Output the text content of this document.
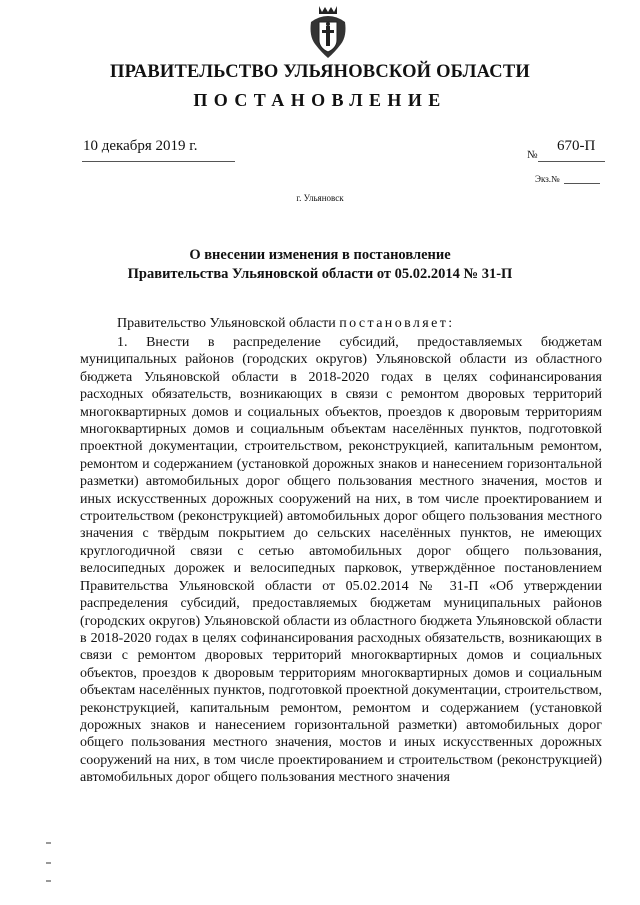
ПРАВИТЕЛЬСТВО УЛЬЯНОВСКОЙ ОБЛАСТИ
ПОСТАНОВЛЕНИЕ
10 декабря 2019 г.
№
670-П
Экз.№
г. Ульяновск
О внесении изменения в постановление
Правительства Ульяновской области от 05.02.2014 № 31-П
Правительство Ульяновской области постановляет:

1. Внести в распределение субсидий, предоставляемых бюджетам муниципальных районов (городских округов) Ульяновской области из областного бюджета Ульяновской области в 2018-2020 годах в целях софинансирования расходных обязательств, возникающих в связи с ремонтом дворовых территорий многоквартирных домов и социальных объектов, проездов к дворовым территориям многоквартирных домов и социальным объектам населённых пунктов, подготовкой проектной документации, строительством, реконструкцией, капитальным ремонтом, ремонтом и содержанием (установкой дорожных знаков и нанесением горизонтальной разметки) автомобильных дорог общего пользования местного значения, мостов и иных искусственных дорожных сооружений на них, в том числе проектированием и строительством (реконструкцией) автомобильных дорог общего пользования местного значения с твёрдым покрытием до сельских населённых пунктов, не имеющих круглогодичной связи с сетью автомобильных дорог общего пользования, велосипедных дорожек и велосипедных парковок, утверждённое постановлением Правительства Ульяновской области от 05.02.2014 № 31-П «Об утверждении распределения субсидий, предоставляемых бюджетам муниципальных районов (городских округов) Ульяновской области из областного бюджета Ульяновской области в 2018-2020 годах в целях софинансирования расходных обязательств, возникающих в связи с ремонтом дворовых территорий многоквартирных домов и социальных объектов, проездов к дворовым территориям многоквартирных домов и социальным объектам населённых пунктов, подготовкой проектной документации, строительством, реконструкцией, капитальным ремонтом, ремонтом и содержанием (установкой дорожных знаков и нанесением горизонтальной разметки) автомобильных дорог общего пользования местного значения, мостов и иных искусственных дорожных сооружений на них, в том числе проектированием и строительством (реконструкцией) автомобильных дорог общего пользования местного значения
